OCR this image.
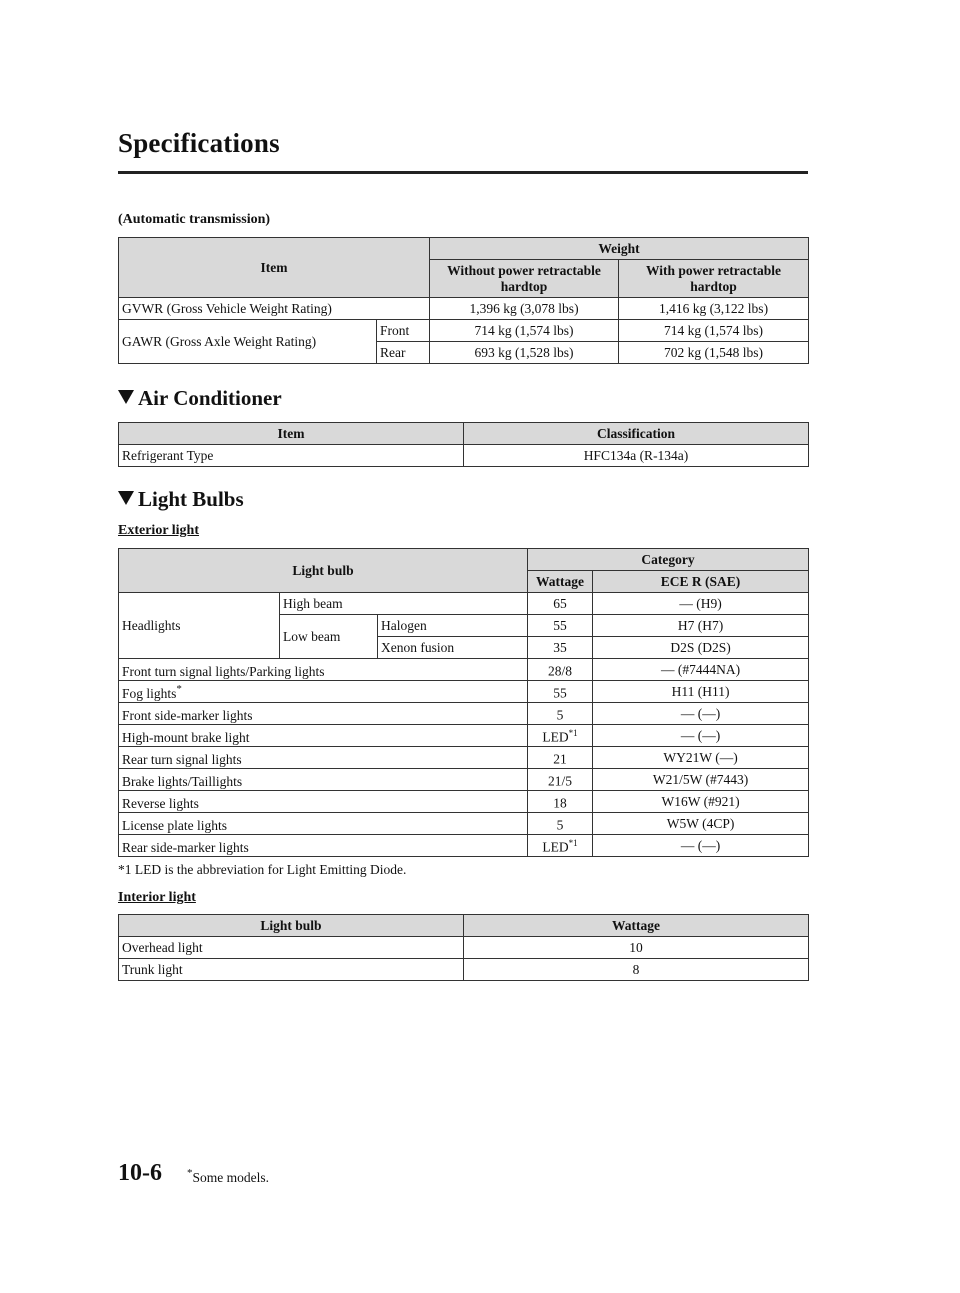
Specifications
(Automatic transmission)
Item		Weight	
		Without power retractable hardtop	With power retractable hardtop
GVWR (Gross Vehicle Weight Rating)		1,396 kg (3,078 lbs)	1,416 kg (3,122 lbs)
GAWR (Gross Axle Weight Rating)	Front	714 kg (1,574 lbs)	714 kg (1,574 lbs)
	Rear	693 kg (1,528 lbs)	702 kg (1,548 lbs)
Air Conditioner
Item	Classification
Refrigerant Type	HFC134a (R-134a)
Light Bulbs
Exterior light
Light bulb			Category	
			Wattage	ECE R (SAE)
Headlights	High beam		65	— (H9)
	Low beam	Halogen	55	H7 (H7)
		Xenon fusion	35	D2S (D2S)
Front turn signal lights/Parking lights			28/8	— (#7444NA)
Fog lights*			55	H11 (H11)
Front side-marker lights			5	— (—)
High-mount brake light			LED$^{*1}$	— (—)
Rear turn signal lights			21	WY21W (—)
Brake lights/Taillights			21/5	W21/5W (#7443)
Reverse lights			18	W16W (#921)
License plate lights			5	W5W (4CP)
Rear side-marker lights			LED$^{*1}$	— (—)
*1 LED is the abbreviation for Light Emitting Diode.
Interior light
Light bulb	Wattage
Overhead light	10
Trunk light	8
10-6 *Some models.
